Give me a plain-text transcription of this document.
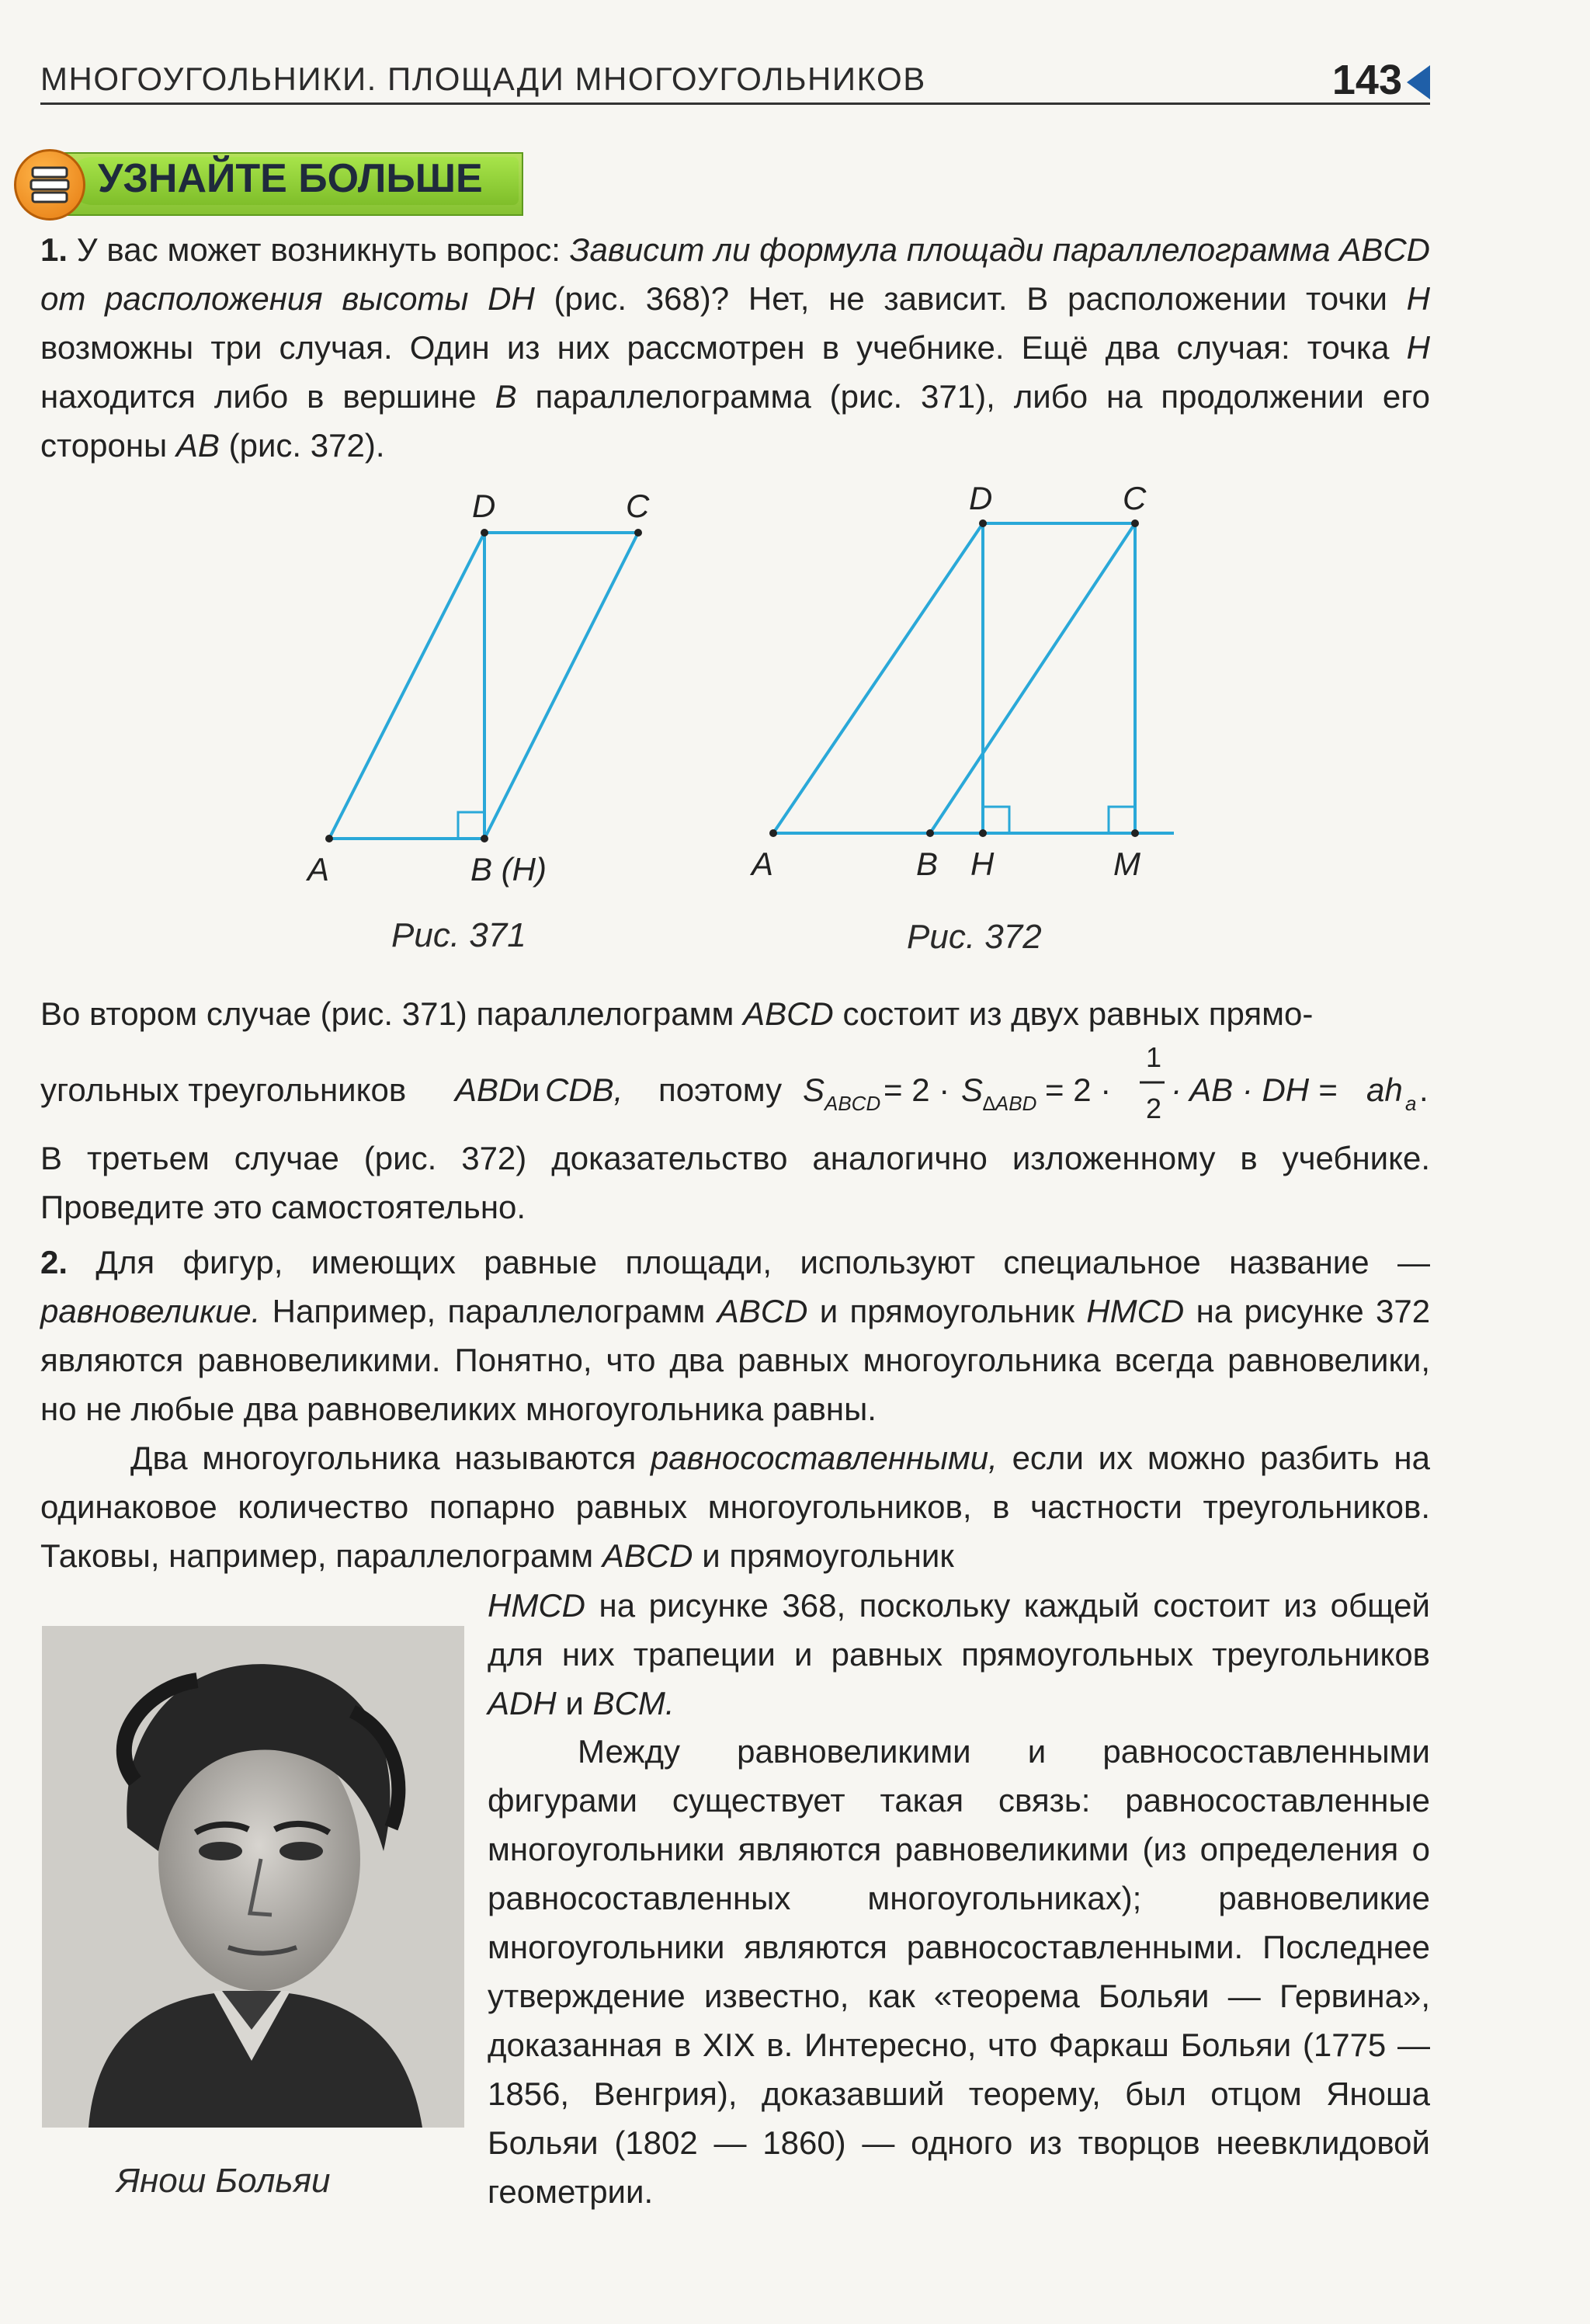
МНОГОУГОЛЬНИКИ. ПЛОЩАДИ МНОГОУГОЛЬНИКОВ	143
УЗНАЙТЕ БОЛЬШЕ

1. У вас может возникнуть вопрос: Зависит ли формула площади параллелограмма ABCD от расположения высоты DH (рис. 368)? Нет, не зависит. В расположении точки H возможны три случая. Один из них рассмотрен в учебнике. Ещё два случая: точка H находится либо в вершине B параллелограмма (рис. 371), либо на продолжении его стороны AB (рис. 372).

D	C
A	B (H)
D	C
A	B H	M
Рис. 371	Рис. 372
Во втором случае (рис. 371) параллелограмм ABCD состоит из двух равных прямо-
угольных треугольников ABD и CDB, поэтому S ABCD = 2 · S ∆ABD = 2 ·
1
2
· AB · DH = ah a .
В третьем случае (рис. 372) доказательство аналогично изложенному в учебнике. Проведите это самостоятельно.

2. Для фигур, имеющих равные площади, используют специальное название — равновеликие. Например, параллелограмм ABCD и прямоугольник HMCD на рисунке 372 являются равновеликими. Понятно, что два равных многоугольника всегда равновелики, но не любые два равновеликих многоугольника равны.

Два многоугольника называются равносоставленными, если их можно разбить на одинаковое количество попарно равных многоугольников, в частности треугольников. Таковы, например, параллелограмм ABCD и прямоугольник

HMCD на рисунке 368, поскольку каждый состоит из общей для них трапеции и равных прямоугольных треугольников ADH и BCM.

Между равновеликими и равносоставленными фигурами существует такая связь: равносоставленные многоугольники являются равновеликими (из определения о равносоставленных многоугольниках); равновеликие многоугольники являются равносоставленными. Последнее утверждение известно, как «теорема Больяи — Гервина», доказанная в XIX в. Интересно, что Фаркаш Больяи (1775 — 1856, Венгрия), доказавший теорему, был отцом Яноша Больяи (1802 — 1860) — одного из творцов неевклидовой геометрии.
Янош Больяи
